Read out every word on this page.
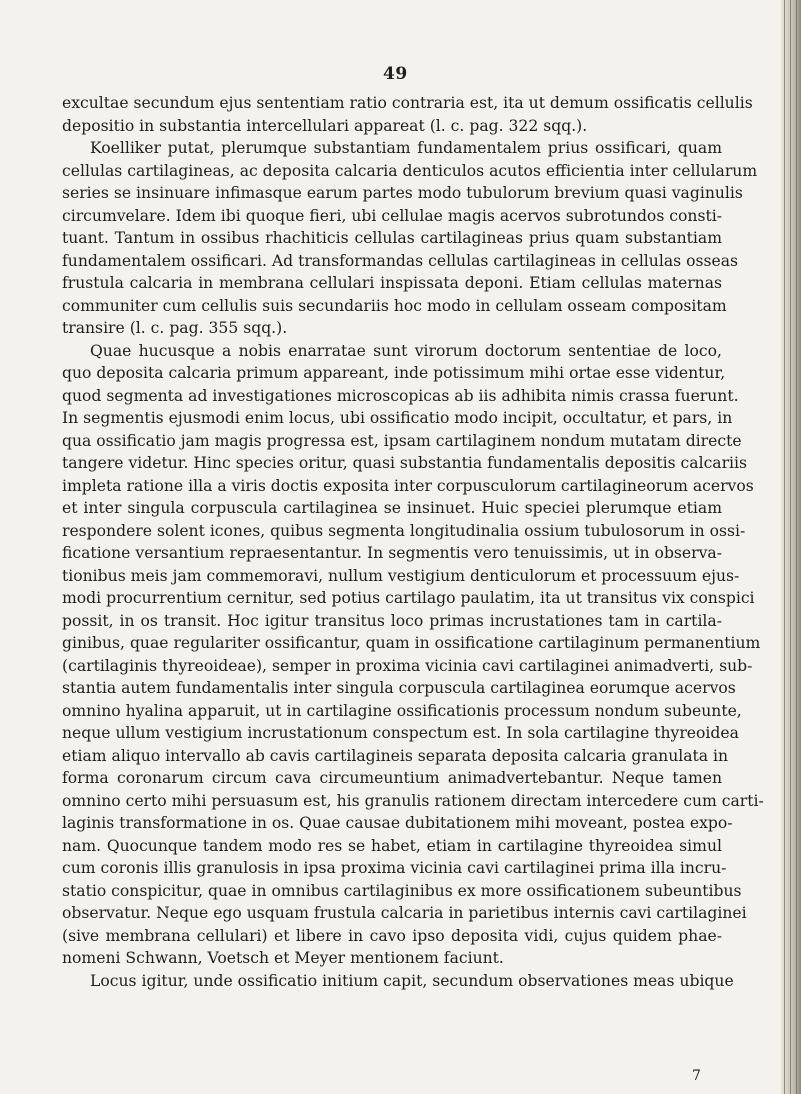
49
excultae secundum ejus sententiam ratio contraria est, ita ut demum ossificatis cellulis
depositio in substantia intercellulari appareat (l. c. pag. 322 sqq.).
Koelliker putat, plerumque substantiam fundamentalem prius ossificari, quam
cellulas cartilagineas, ac deposita calcaria denticulos acutos efficientia inter cellularum
series se insinuare infimasque earum partes modo tubulorum brevium quasi vaginulis
circumvelare. Idem ibi quoque fieri, ubi cellulae magis acervos subrotundos consti-
tuant. Tantum in ossibus rhachiticis cellulas cartilagineas prius quam substantiam
fundamentalem ossificari. Ad transformandas cellulas cartilagineas in cellulas osseas
frustula calcaria in membrana cellulari inspissata deponi. Etiam cellulas maternas
communiter cum cellulis suis secundariis hoc modo in cellulam osseam compositam
transire (l. c. pag. 355 sqq.).
Quae hucusque a nobis enarratae sunt virorum doctorum sententiae de loco,
quo deposita calcaria primum appareant, inde potissimum mihi ortae esse videntur,
quod segmenta ad investigationes microscopicas ab iis adhibita nimis crassa fuerunt.
In segmentis ejusmodi enim locus, ubi ossificatio modo incipit, occultatur, et pars, in
qua ossificatio jam magis progressa est, ipsam cartilaginem nondum mutatam directe
tangere videtur. Hinc species oritur, quasi substantia fundamentalis depositis calcariis
impleta ratione illa a viris doctis exposita inter corpusculorum cartilagineorum acervos
et inter singula corpuscula cartilaginea se insinuet. Huic speciei plerumque etiam
respondere solent icones, quibus segmenta longitudinalia ossium tubulosorum in ossi-
ficatione versantium repraesentantur. In segmentis vero tenuissimis, ut in observa-
tionibus meis jam commemoravi, nullum vestigium denticulorum et processuum ejus-
modi procurrentium cernitur, sed potius cartilago paulatim, ita ut transitus vix conspici
possit, in os transit. Hoc igitur transitus loco primas incrustationes tam in cartila-
ginibus, quae regulariter ossificantur, quam in ossificatione cartilaginum permanentium
(cartilaginis thyreoideae), semper in proxima vicinia cavi cartilaginei animadverti, sub-
stantia autem fundamentalis inter singula corpuscula cartilaginea eorumque acervos
omnino hyalina apparuit, ut in cartilagine ossificationis processum nondum subeunte,
neque ullum vestigium incrustationum conspectum est. In sola cartilagine thyreoidea
etiam aliquo intervallo ab cavis cartilagineis separata deposita calcaria granulata in
forma coronarum circum cava circumeuntium animadvertebantur. Neque tamen
omnino certo mihi persuasum est, his granulis rationem directam intercedere cum carti-
laginis transformatione in os. Quae causae dubitationem mihi moveant, postea expo-
nam. Quocunque tandem modo res se habet, etiam in cartilagine thyreoidea simul
cum coronis illis granulosis in ipsa proxima vicinia cavi cartilaginei prima illa incru-
statio conspicitur, quae in omnibus cartilaginibus ex more ossificationem subeuntibus
observatur. Neque ego usquam frustula calcaria in parietibus internis cavi cartilaginei
(sive membrana cellulari) et libere in cavo ipso deposita vidi, cujus quidem phae-
nomeni Schwann, Voetsch et Meyer mentionem faciunt.
Locus igitur, unde ossificatio initium capit, secundum observationes meas ubique
7
